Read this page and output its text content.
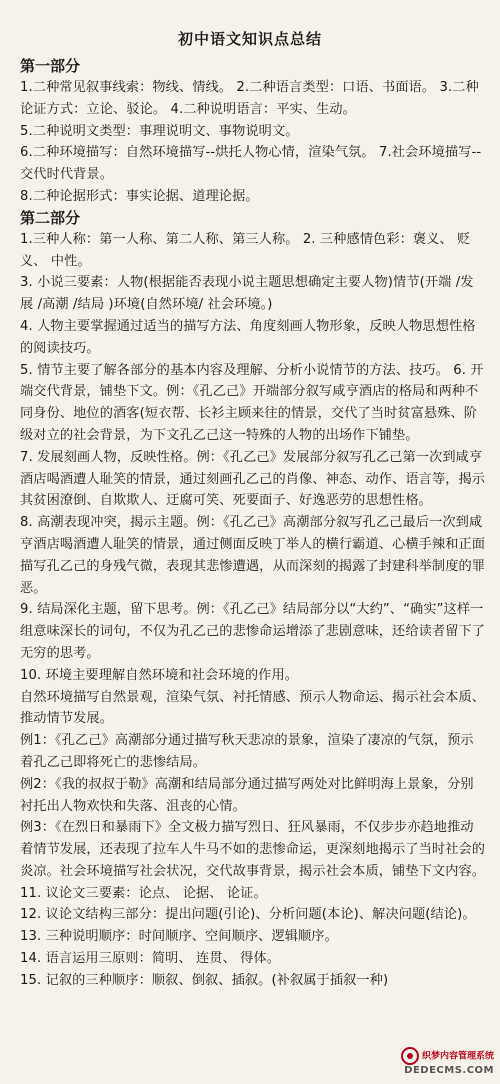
初中语文知识点总结

第一部分

1.二种常见叙事线索：物线、情线。 2.二种语言类型：口语、书面语。 3.二种论证方式：立论、驳论。 4.二种说明语言：平实、生动。

5.二种说明文类型：事理说明文、事物说明文。

6.二种环境描写：自然环境描写--烘托人物心情，渲染气氛。 7.社会环境描写--交代时代背景。

8.二种论据形式：事实论据、道理论据。

第二部分

1.三种人称：第一人称、第二人称、第三人称。 2. 三种感情色彩：褒义、 贬义、 中性。

3. 小说三要素：人物(根据能否表现小说主题思想确定主要人物)情节(开端 /发展 /高潮 /结局 )环境(自然环境/ 社会环境。)

4. 人物主要掌握通过适当的描写方法、角度刻画人物形象，反映人物思想性格的阅读技巧。

5. 情节主要了解各部分的基本内容及理解、分析小说情节的方法、技巧。 6. 开端交代背景，铺垫下文。例：《孔乙己》开端部分叙写咸亨酒店的格局和两种不同身份、地位的酒客(短衣帮、长衫主顾来往的情景，交代了当时贫富悬殊、阶级对立的社会背景，为下文孔乙己这一特殊的人物的出场作下铺垫。

7. 发展刻画人物，反映性格。例：《孔乙己》发展部分叙写孔乙己第一次到咸亨酒店喝酒遭人耻笑的情景，通过刻画孔乙己的肖像、神态、动作、语言等，揭示其贫困潦倒、自欺欺人、迂腐可笑、死要面子、好逸恶劳的思想性格。

8. 高潮表现冲突，揭示主题。例：《孔乙己》高潮部分叙写孔乙己最后一次到咸亨酒店喝酒遭人耻笑的情景，通过侧面反映丁举人的横行霸道、心横手辣和正面描写孔乙己的身残气微，表现其悲惨遭遇，从而深刻的揭露了封建科举制度的罪恶。

9. 结局深化主题，留下思考。例：《孔乙己》结局部分以“大约”、“确实”这样一组意味深长的词句，不仅为孔乙己的悲惨命运增添了悲剧意味，还给读者留下了无穷的思考。

10. 环境主要理解自然环境和社会环境的作用。

自然环境描写自然景观，渲染气氛、衬托情感、预示人物命运、揭示社会本质、推动情节发展。

例1：《孔乙己》高潮部分通过描写秋天悲凉的景象，渲染了凄凉的气氛，预示着孔乙己即将死亡的悲惨结局。

例2：《我的叔叔于勒》高潮和结局部分通过描写两处对比鲜明海上景象，分别衬托出人物欢快和失落、沮丧的心情。

例3：《在烈日和暴雨下》全文极力描写烈日、狂风暴雨，不仅步步亦趋地推动着情节发展，还表现了拉车人牛马不如的悲惨命运，更深刻地揭示了当时社会的炎凉。社会环境描写社会状况，交代故事背景，揭示社会本质，铺垫下文内容。

11. 议论文三要素：论点、 论据、 论证。

12. 议论文结构三部分：提出问题(引论)、分析问题(本论)、解决问题(结论)。

13. 三种说明顺序：时间顺序、空间顺序、逻辑顺序。

14. 语言运用三原则：简明、 连贯、 得体。

15. 记叙的三种顺序：顺叙、倒叙、插叙。(补叙属于插叙一种)

织梦内容管理系统
DEDECMS.COM
